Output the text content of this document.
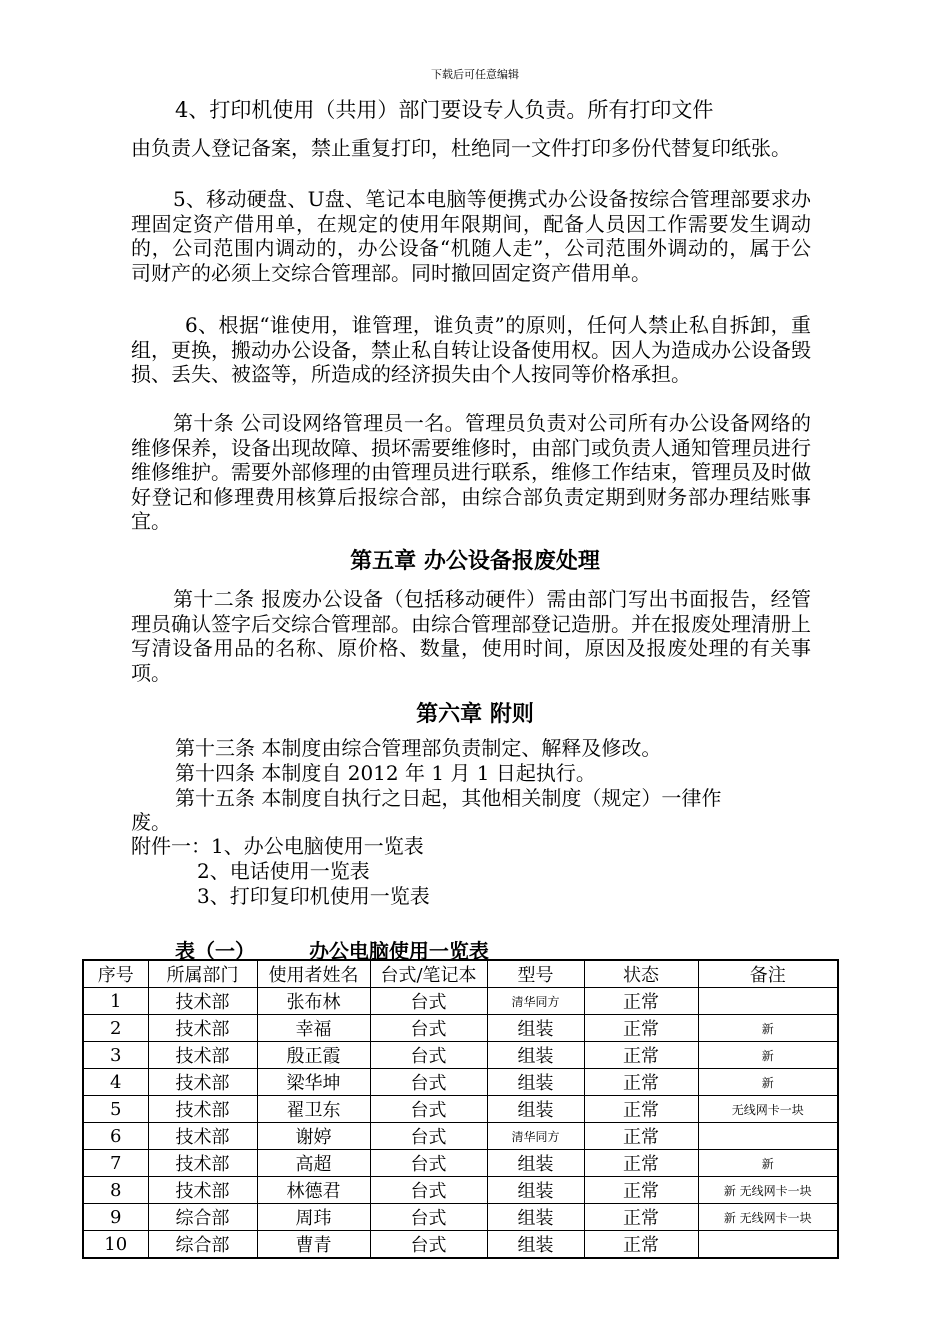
下载后可任意编辑

4、打印机使用（共用）部门要设专人负责。所有打印文件

由负责人登记备案，禁止重复打印，杜绝同一文件打印多份代替复印纸张。

5、移动硬盘、U盘、笔记本电脑等便携式办公设备按综合管理部要求办理固定资产借用单，在规定的使用年限期间，配备人员因工作需要发生调动的，公司范围内调动的，办公设备“机随人走”，公司范围外调动的，属于公司财产的必须上交综合管理部。同时撤回固定资产借用单。

6、根据“谁使用，谁管理，谁负责”的原则，任何人禁止私自拆卸，重组，更换，搬动办公设备，禁止私自转让设备使用权。因人为造成办公设备毁损、丢失、被盗等，所造成的经济损失由个人按同等价格承担。

第十条 公司设网络管理员一名。管理员负责对公司所有办公设备网络的维修保养，设备出现故障、损坏需要维修时，由部门或负责人通知管理员进行维修维护。需要外部修理的由管理员进行联系，维修工作结束，管理员及时做好登记和修理费用核算后报综合部，由综合部负责定期到财务部办理结账事宜。

第五章 办公设备报废处理

第十二条 报废办公设备（包括移动硬件）需由部门写出书面报告，经管理员确认签字后交综合管理部。由综合管理部登记造册。并在报废处理清册上写清设备用品的名称、原价格、数量，使用时间，原因及报废处理的有关事项。

第六章 附则

第十三条 本制度由综合管理部负责制定、解释及修改。

第十四条 本制度自 2012 年 1 月 1 日起执行。

第十五条 本制度自执行之日起，其他相关制度（规定）一律作

废。

附件一：1、办公电脑使用一览表

2、电话使用一览表

3、打印复印机使用一览表

表（一）	办公电脑使用一览表
序号	所属部门	使用者姓名	台式/笔记本	型号	状态	备注
1	技术部	张布林	台式	清华同方	正常	
2	技术部	幸福	台式	组装	正常	新
3	技术部	殷正霞	台式	组装	正常	新
4	技术部	梁华坤	台式	组装	正常	新
5	技术部	翟卫东	台式	组装	正常	无线网卡一块
6	技术部	谢婷	台式	清华同方	正常	
7	技术部	高超	台式	组装	正常	新
8	技术部	林德君	台式	组装	正常	新 无线网卡一块
9	综合部	周玮	台式	组装	正常	新 无线网卡一块
10	综合部	曹青	台式	组装	正常	
